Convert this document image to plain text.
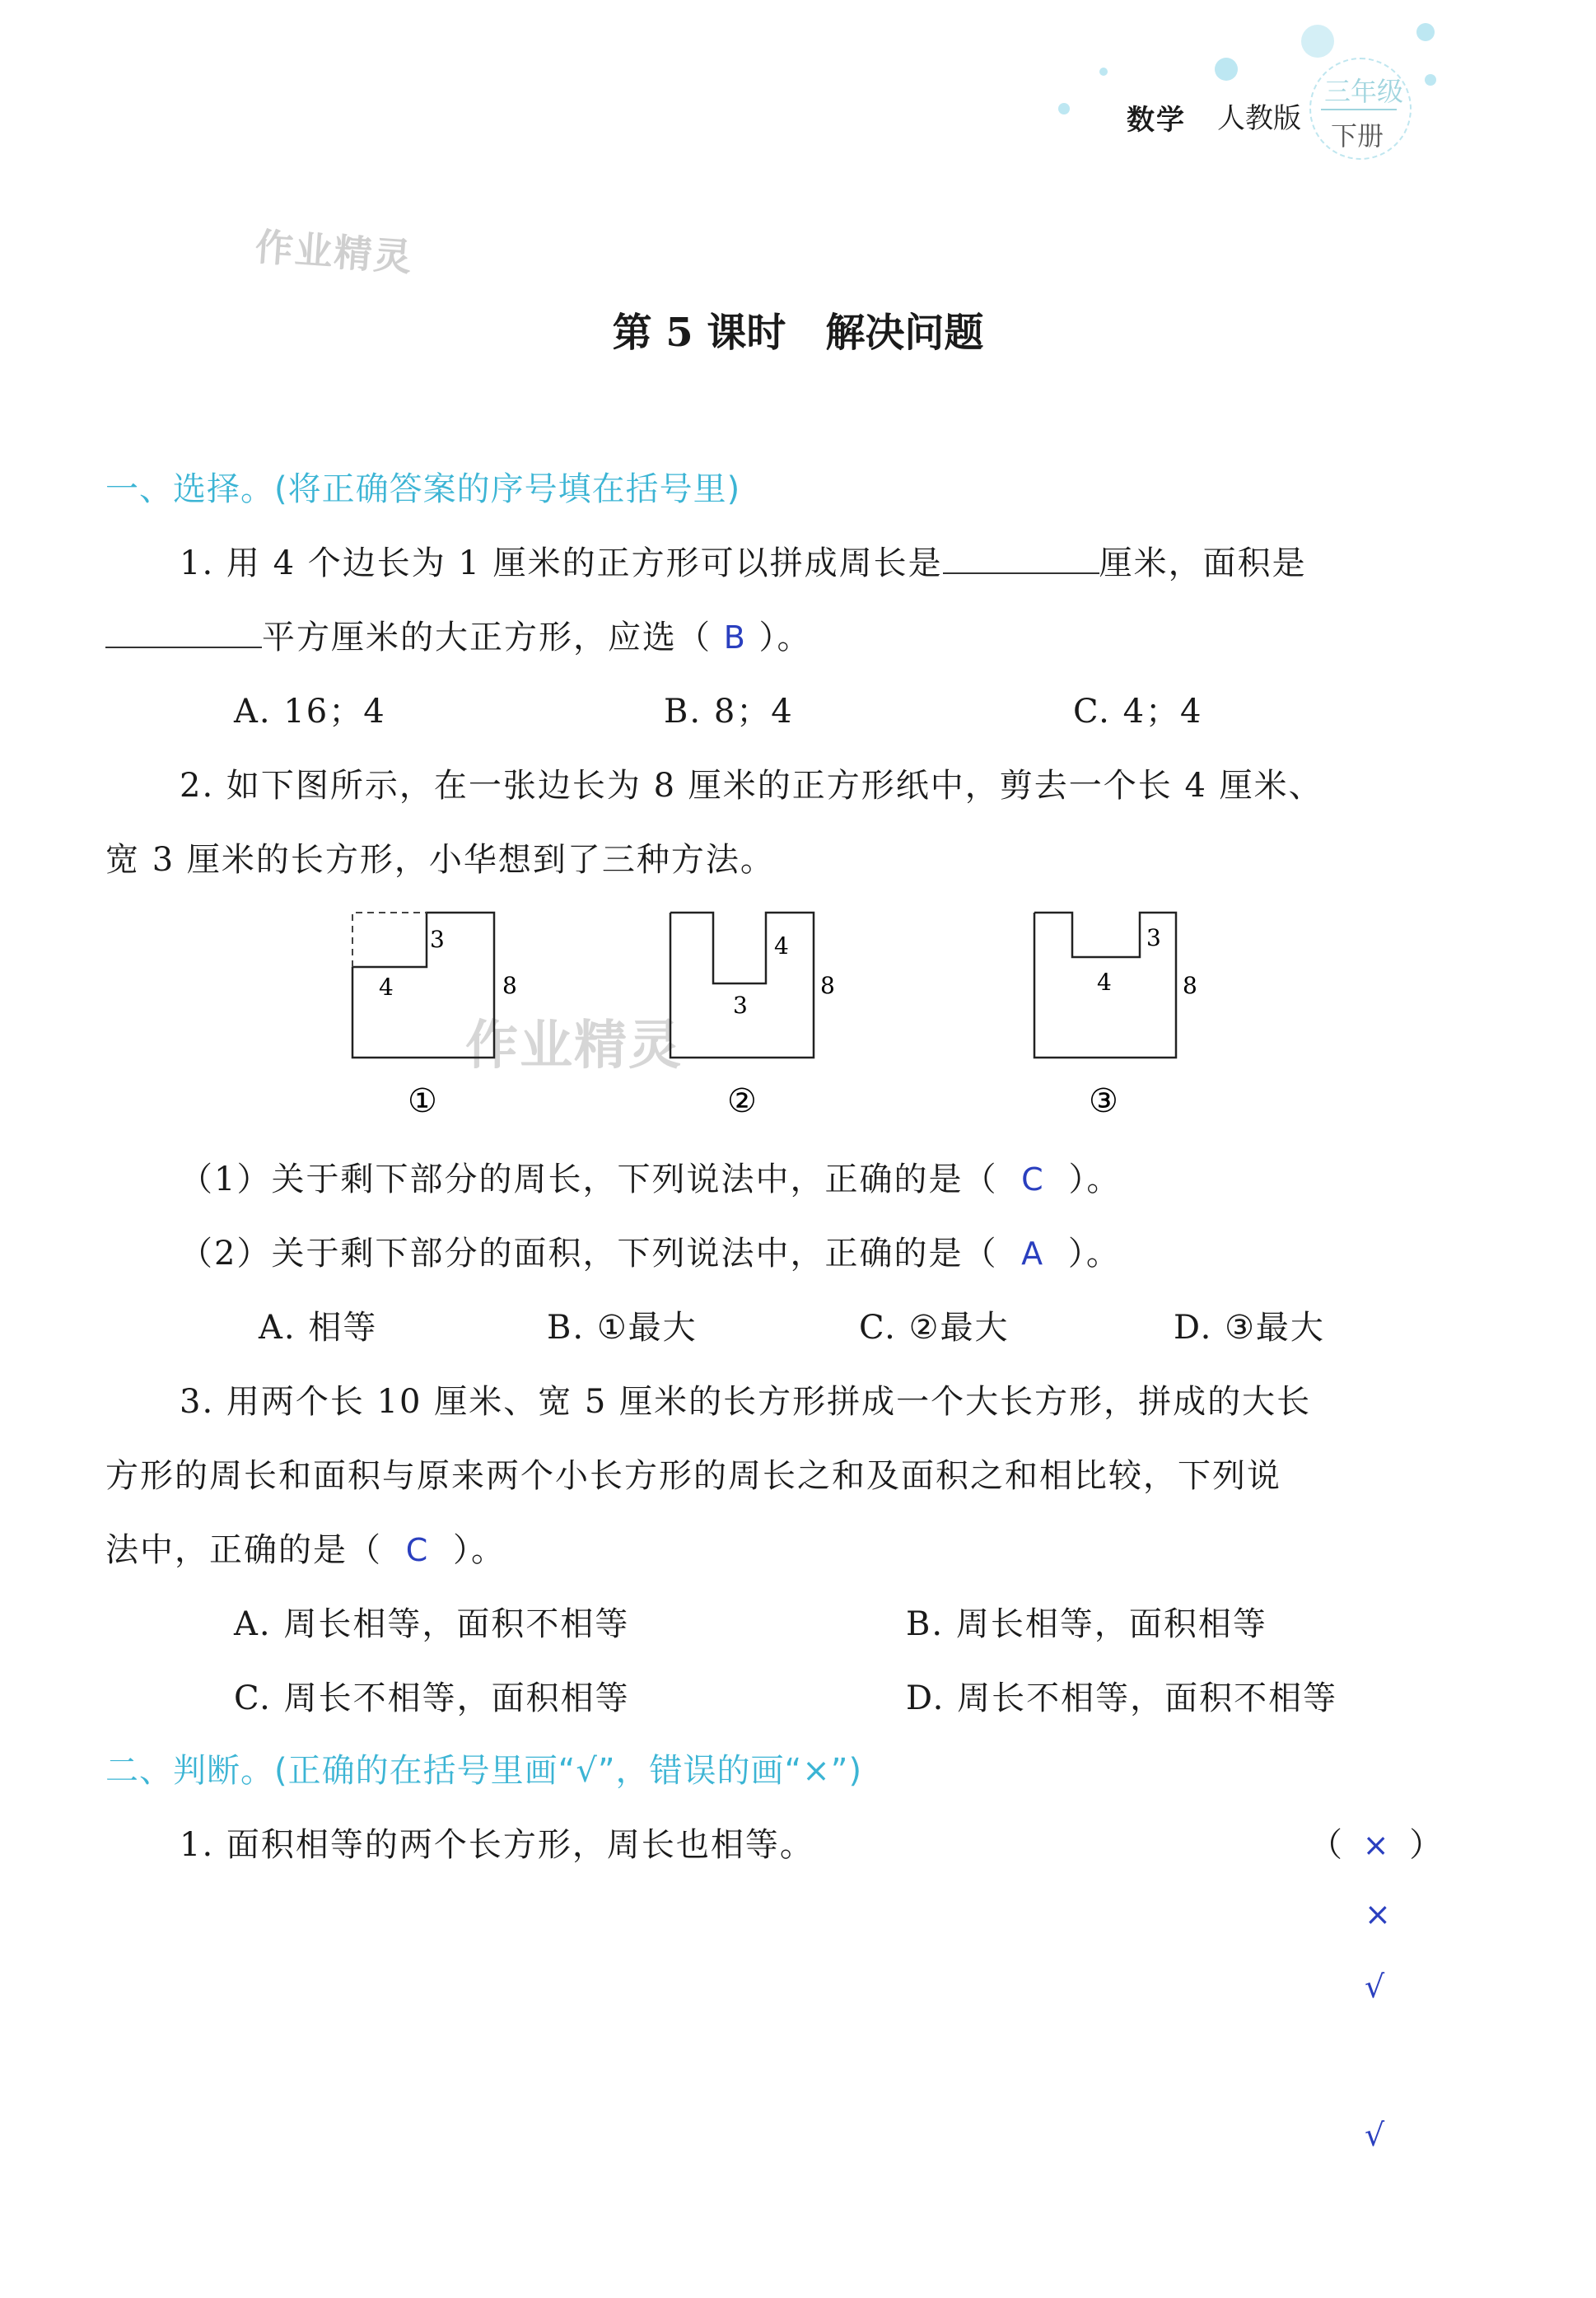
数学 人教版
三年级
下册
作业精灵
作业精灵
第 5 课时　解决问题
一、选择。(将正确答案的序号填在括号里)
1. 用 4 个边长为 1 厘米的正方形可以拼成周长是	厘米，面积是
平方厘米的大正方形，应选（ B ）。
A. 16；4	B. 8；4	C. 4；4
2. 如下图所示，在一张边长为 8 厘米的正方形纸中，剪去一个长 4 厘米、
宽 3 厘米的长方形，小华想到了三种方法。
3
4	8
①
4
3
8
②
3
4	8
③
（1）关于剩下部分的周长，下列说法中，正确的是（ C ）。
（2）关于剩下部分的面积，下列说法中，正确的是（ A ）。
A. 相等	B. ①最大	C. ②最大	D. ③最大
3. 用两个长 10 厘米、宽 5 厘米的长方形拼成一个大长方形，拼成的大长
方形的周长和面积与原来两个小长方形的周长之和及面积之和相比较，下列说
法中，正确的是（ C ）。
A. 周长相等，面积不相等	B. 周长相等，面积相等
C. 周长不相等，面积相等	D. 周长不相等，面积不相等
二、判断。(正确的在括号里画“√”，错误的画“×”)
1. 面积相等的两个长方形，周长也相等。	（ × ）
×
√
√
